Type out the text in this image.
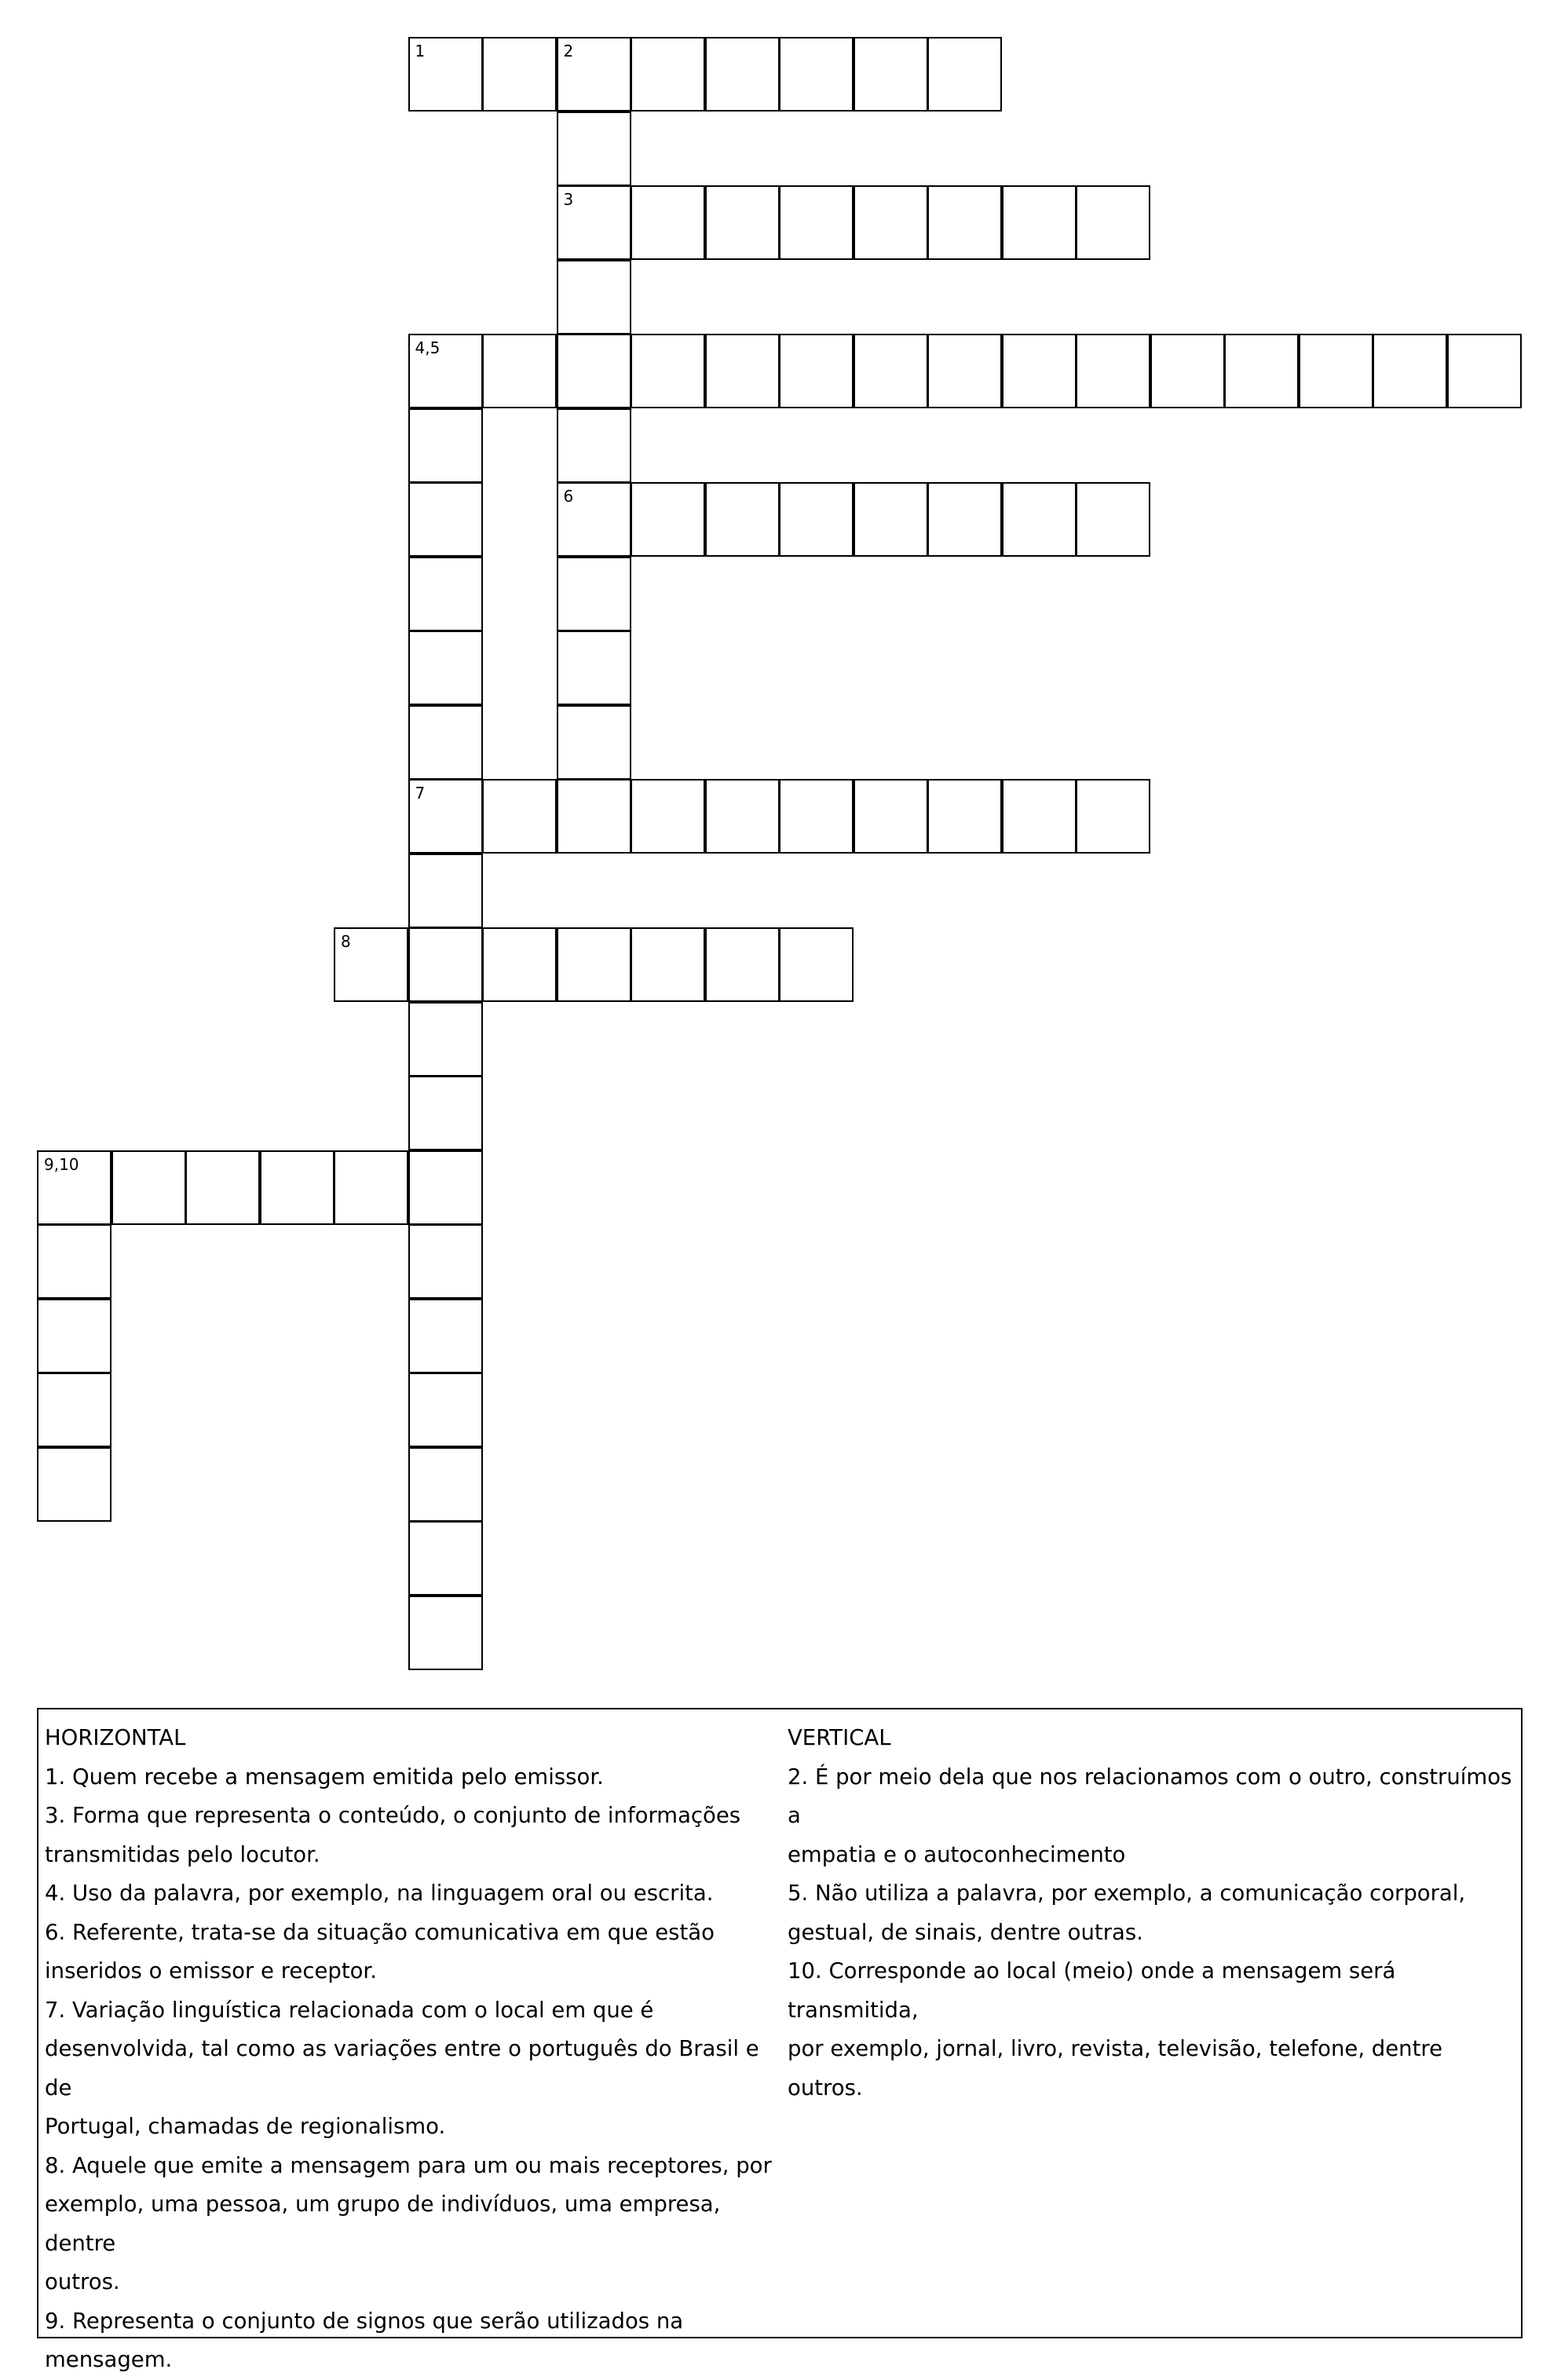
1	2
3
4,5
6
7
8
9,10
HORIZONTAL
1. Quem recebe a mensagem emitida pelo emissor.
3. Forma que representa o conteúdo, o conjunto de informações
transmitidas pelo locutor.
4. Uso da palavra, por exemplo, na linguagem oral ou escrita.
6. Referente, trata-se da situação comunicativa em que estão
inseridos o emissor e receptor.
7. Variação linguística relacionada com o local em que é
desenvolvida, tal como as variações entre o português do Brasil e de
Portugal, chamadas de regionalismo.
8. Aquele que emite a mensagem para um ou mais receptores, por
exemplo, uma pessoa, um grupo de indivíduos, uma empresa, dentre
outros.
9. Representa o conjunto de signos que serão utilizados na
mensagem.
VERTICAL
2. É por meio dela que nos relacionamos com o outro, construímos a
empatia e o autoconhecimento
5. Não utiliza a palavra, por exemplo, a comunicação corporal,
gestual, de sinais, dentre outras.
10. Corresponde ao local (meio) onde a mensagem será transmitida,
por exemplo, jornal, livro, revista, televisão, telefone, dentre outros.
